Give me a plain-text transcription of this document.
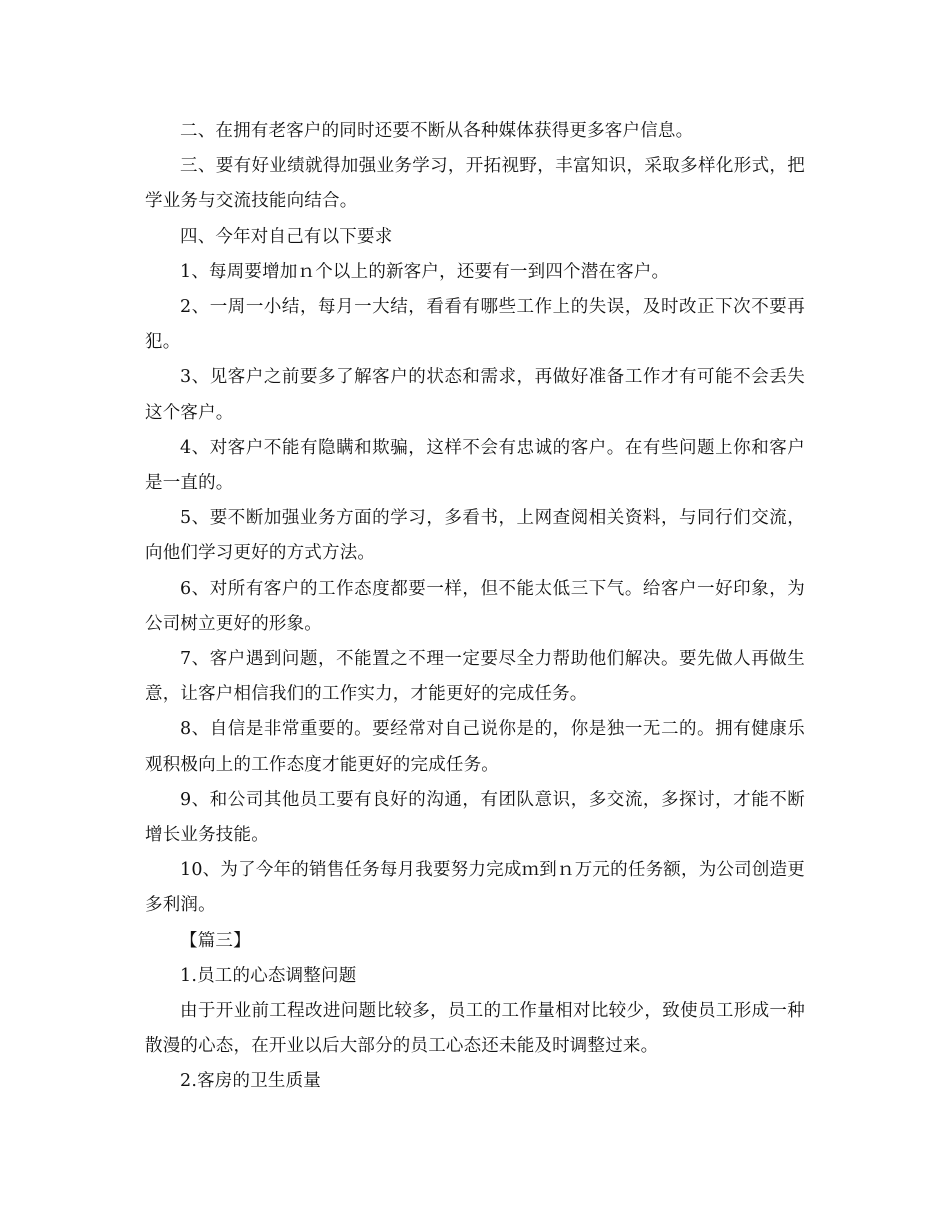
二、在拥有老客户的同时还要不断从各种媒体获得更多客户信息。

三、要有好业绩就得加强业务学习，开拓视野，丰富知识，采取多样化形式，把学业务与交流技能向结合。

四、今年对自己有以下要求

1、每周要增加ｎ个以上的新客户，还要有一到四个潜在客户。

2、一周一小结，每月一大结，看看有哪些工作上的失误，及时改正下次不要再犯。

3、见客户之前要多了解客户的状态和需求，再做好准备工作才有可能不会丢失这个客户。

4、对客户不能有隐瞒和欺骗，这样不会有忠诚的客户。在有些问题上你和客户是一直的。

5、要不断加强业务方面的学习，多看书，上网查阅相关资料，与同行们交流，向他们学习更好的方式方法。

6、对所有客户的工作态度都要一样，但不能太低三下气。给客户一好印象，为公司树立更好的形象。

7、客户遇到问题，不能置之不理一定要尽全力帮助他们解决。要先做人再做生意，让客户相信我们的工作实力，才能更好的完成任务。

8、自信是非常重要的。要经常对自己说你是的，你是独一无二的。拥有健康乐观积极向上的工作态度才能更好的完成任务。

9、和公司其他员工要有良好的沟通，有团队意识，多交流，多探讨，才能不断增长业务技能。

10、为了今年的销售任务每月我要努力完成ｍ到ｎ万元的任务额，为公司创造更多利润。

【篇三】

1.员工的心态调整问题

由于开业前工程改进问题比较多，员工的工作量相对比较少，致使员工形成一种散漫的心态，在开业以后大部分的员工心态还未能及时调整过来。

2.客房的卫生质量
